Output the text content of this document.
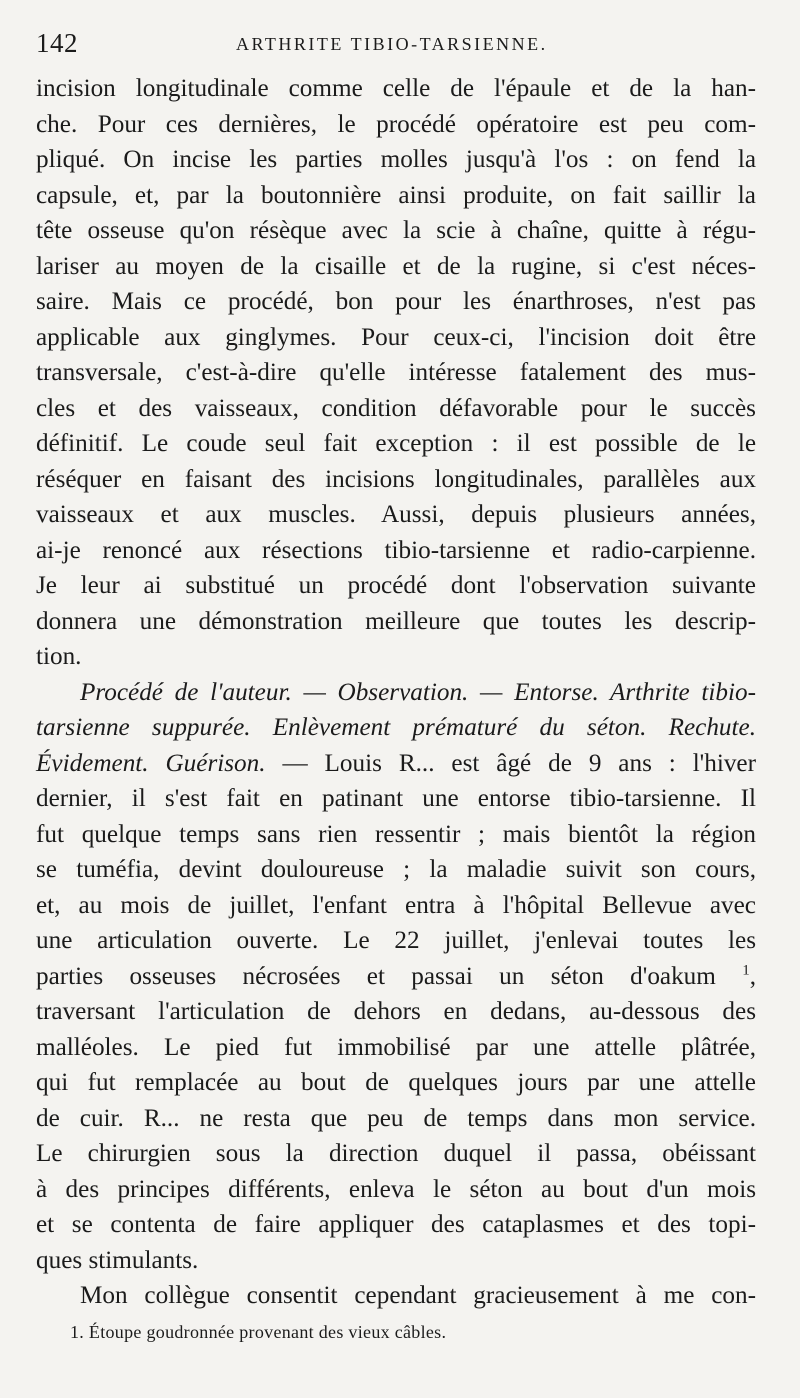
142	ARTHRITE TIBIO-TARSIENNE.
incision longitudinale comme celle de l'épaule et de la han-
che. Pour ces dernières, le procédé opératoire est peu com-
pliqué. On incise les parties molles jusqu'à l'os : on fend la
capsule, et, par la boutonnière ainsi produite, on fait saillir la
tête osseuse qu'on résèque avec la scie à chaîne, quitte à régu-
lariser au moyen de la cisaille et de la rugine, si c'est néces-
saire. Mais ce procédé, bon pour les énarthroses, n'est pas
applicable aux ginglymes. Pour ceux-ci, l'incision doit être
transversale, c'est-à-dire qu'elle intéresse fatalement des mus-
cles et des vaisseaux, condition défavorable pour le succès
définitif. Le coude seul fait exception : il est possible de le
réséquer en faisant des incisions longitudinales, parallèles aux
vaisseaux et aux muscles. Aussi, depuis plusieurs années,
ai-je renoncé aux résections tibio-tarsienne et radio-carpienne.
Je leur ai substitué un procédé dont l'observation suivante
donnera une démonstration meilleure que toutes les descrip-
tion.
Procédé de l'auteur. — Observation. — Entorse. Arthrite tibio-
tarsienne suppurée. Enlèvement prématuré du séton. Rechute.
Évidement. Guérison. — Louis R... est âgé de 9 ans : l'hiver
dernier, il s'est fait en patinant une entorse tibio-tarsienne. Il
fut quelque temps sans rien ressentir ; mais bientôt la région
se tuméfia, devint douloureuse ; la maladie suivit son cours,
et, au mois de juillet, l'enfant entra à l'hôpital Bellevue avec
une articulation ouverte. Le 22 juillet, j'enlevai toutes les
parties osseuses nécrosées et passai un séton d'oakum $^1$,
traversant l'articulation de dehors en dedans, au-dessous des
malléoles. Le pied fut immobilisé par une attelle plâtrée,
qui fut remplacée au bout de quelques jours par une attelle
de cuir. R... ne resta que peu de temps dans mon service.
Le chirurgien sous la direction duquel il passa, obéissant
à des principes différents, enleva le séton au bout d'un mois
et se contenta de faire appliquer des cataplasmes et des topi-
ques stimulants.
Mon collègue consentit cependant gracieusement à me con-
1. Étoupe goudronnée provenant des vieux câbles.
